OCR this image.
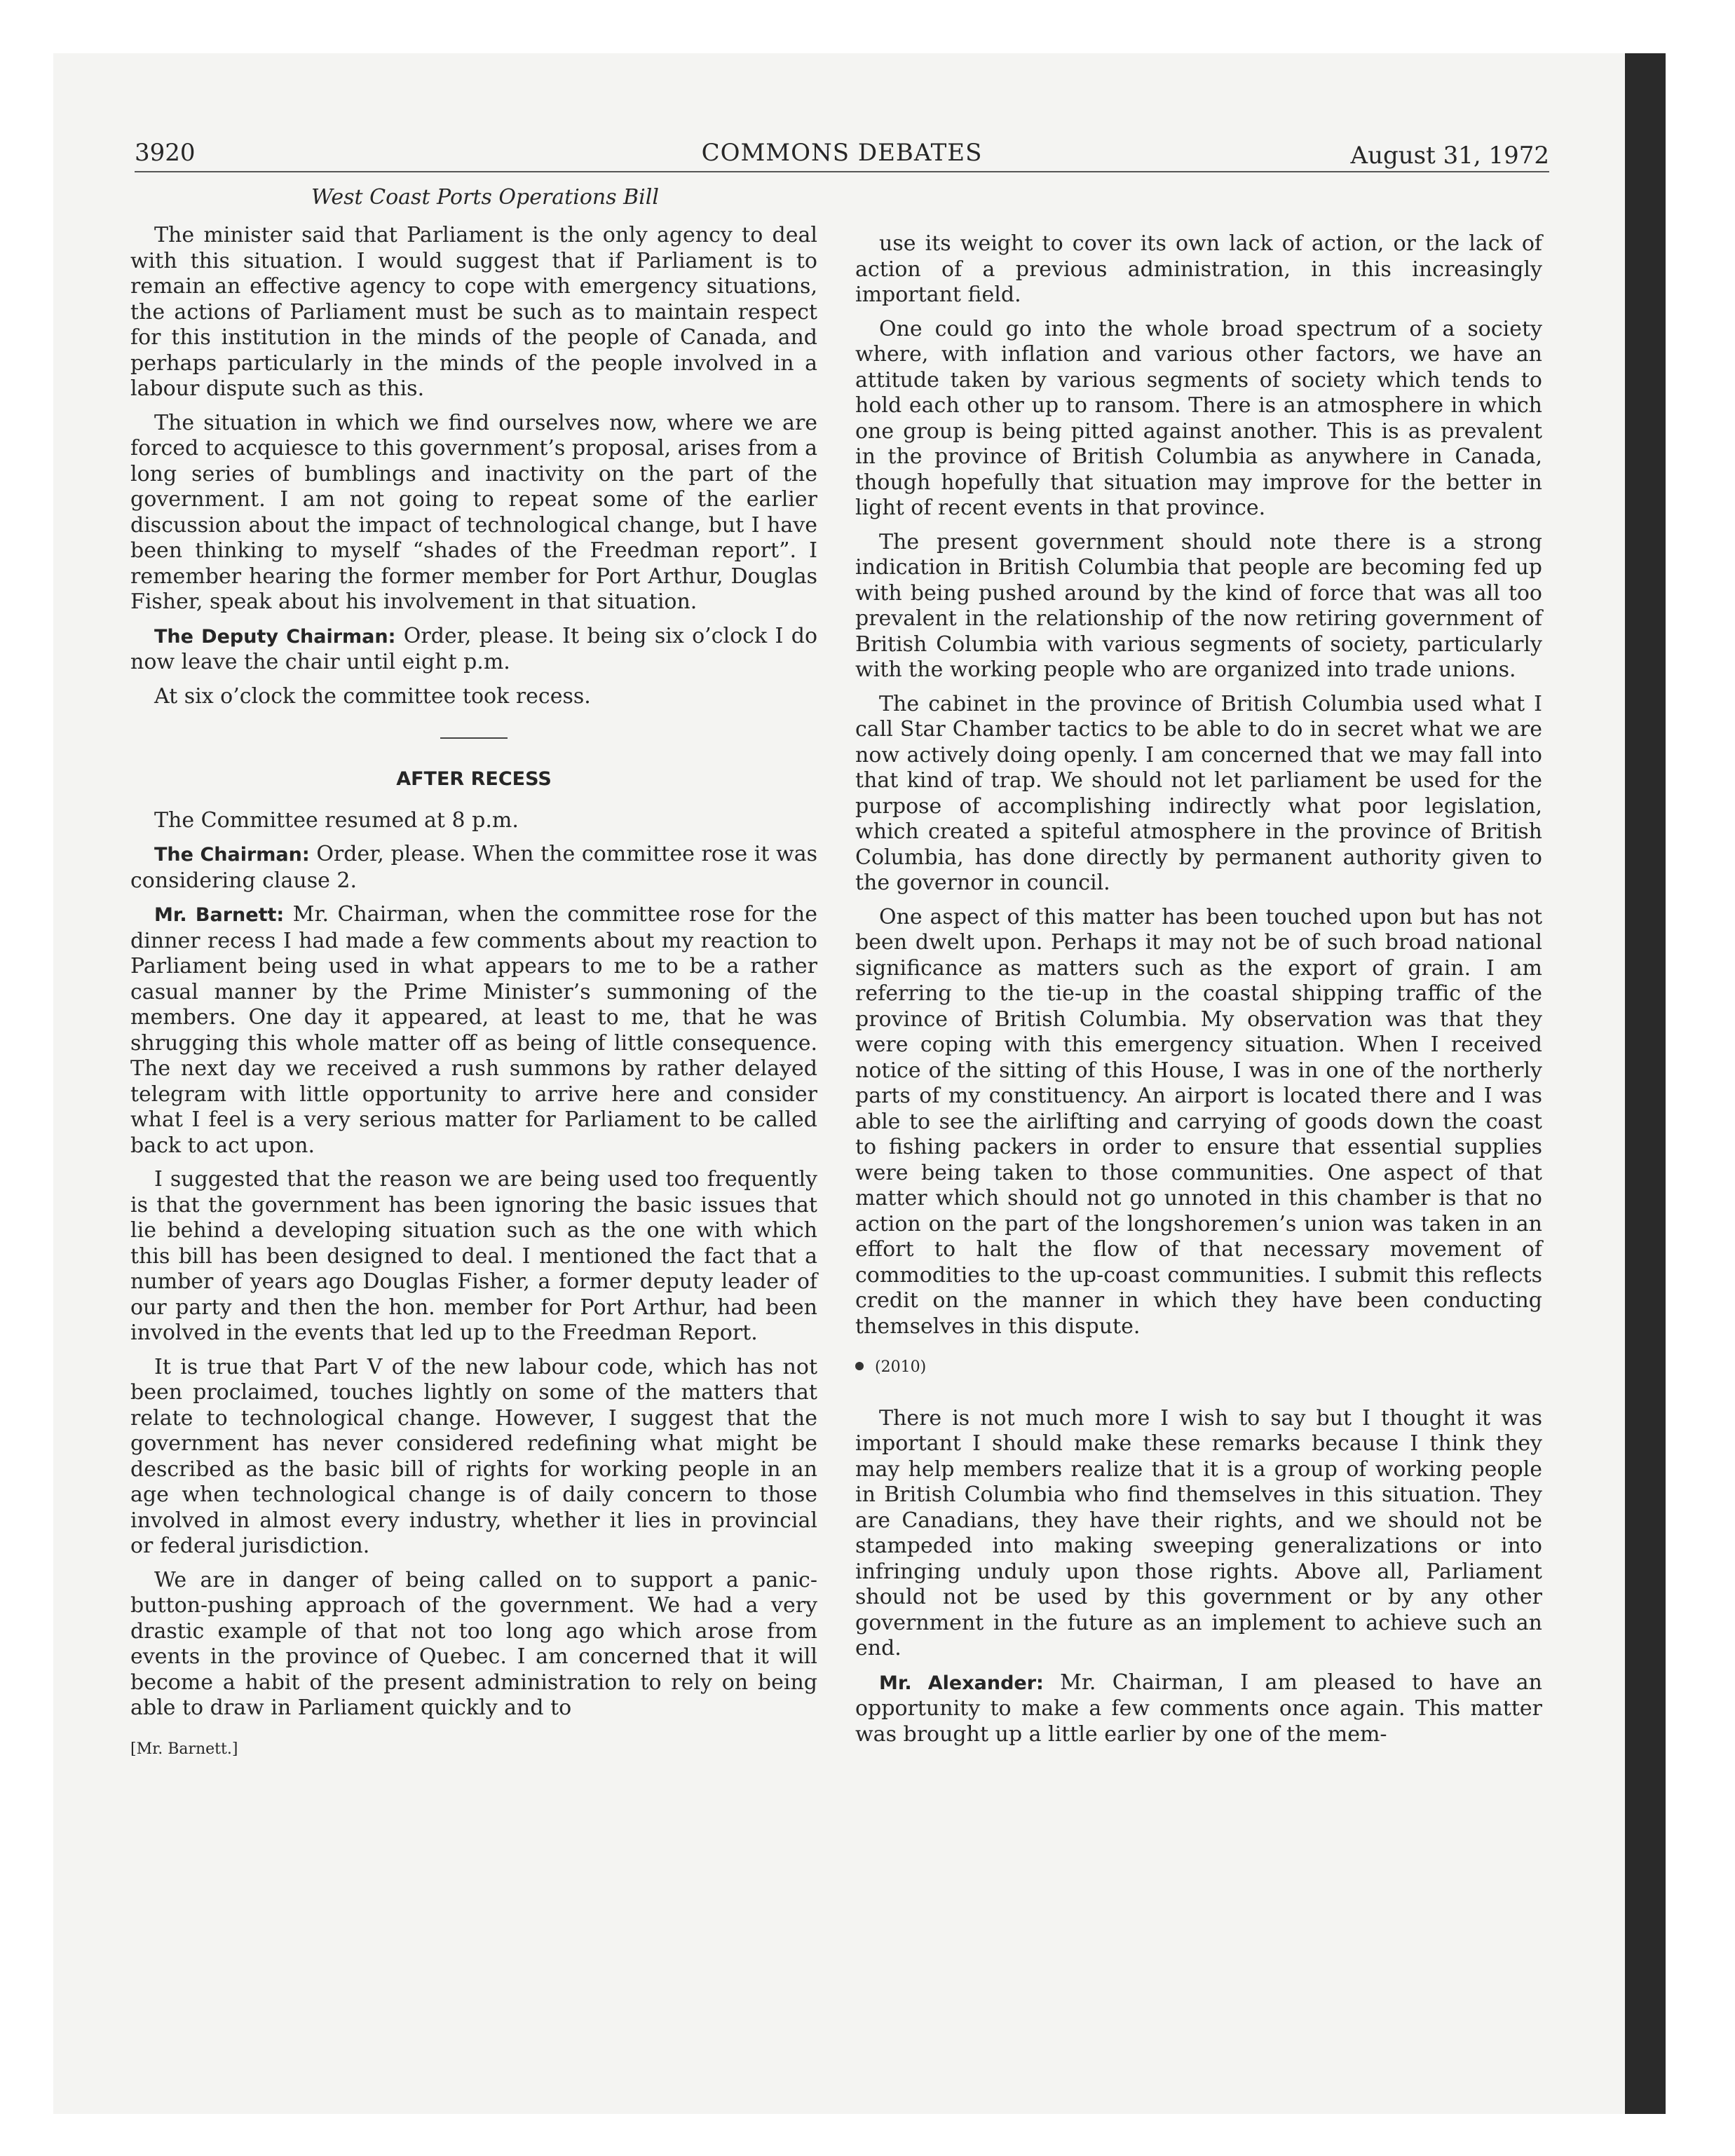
3920	COMMONS DEBATES	August 31, 1972
West Coast Ports Operations Bill

The minister said that Parliament is the only agency to deal with this situation. I would suggest that if Parliament is to remain an effective agency to cope with emergency situations, the actions of Parliament must be such as to maintain respect for this institution in the minds of the people of Canada, and perhaps particularly in the minds of the people involved in a labour dispute such as this.

The situation in which we find ourselves now, where we are forced to acquiesce to this government’s proposal, arises from a long series of bumblings and inactivity on the part of the government. I am not going to repeat some of the earlier discussion about the impact of technological change, but I have been thinking to myself “shades of the Freedman report”. I remember hearing the former member for Port Arthur, Douglas Fisher, speak about his involvement in that situation.

The Deputy Chairman: Order, please. It being six o’clock I do now leave the chair until eight p.m.

At six o’clock the committee took recess.

AFTER RECESS

The Committee resumed at 8 p.m.

The Chairman: Order, please. When the committee rose it was considering clause 2.

Mr. Barnett: Mr. Chairman, when the committee rose for the dinner recess I had made a few comments about my reaction to Parliament being used in what appears to me to be a rather casual manner by the Prime Minister’s summoning of the members. One day it appeared, at least to me, that he was shrugging this whole matter off as being of little consequence. The next day we received a rush summons by rather delayed telegram with little opportunity to arrive here and consider what I feel is a very serious matter for Parliament to be called back to act upon.

I suggested that the reason we are being used too frequently is that the government has been ignoring the basic issues that lie behind a developing situation such as the one with which this bill has been designed to deal. I mentioned the fact that a number of years ago Douglas Fisher, a former deputy leader of our party and then the hon. member for Port Arthur, had been involved in the events that led up to the Freedman Report.

It is true that Part V of the new labour code, which has not been proclaimed, touches lightly on some of the matters that relate to technological change. However, I suggest that the government has never considered redefining what might be described as the basic bill of rights for working people in an age when technological change is of daily concern to those involved in almost every industry, whether it lies in provincial or federal jurisdiction.

We are in danger of being called on to support a panic-button-pushing approach of the government. We had a very drastic example of that not too long ago which arose from events in the province of Quebec. I am concerned that it will become a habit of the present administration to rely on being able to draw in Parliament quickly and to

[Mr. Barnett.]

use its weight to cover its own lack of action, or the lack of action of a previous administration, in this increasingly important field.

One could go into the whole broad spectrum of a society where, with inflation and various other factors, we have an attitude taken by various segments of society which tends to hold each other up to ransom. There is an atmosphere in which one group is being pitted against another. This is as prevalent in the province of British Columbia as anywhere in Canada, though hopefully that situation may improve for the better in light of recent events in that province.

The present government should note there is a strong indication in British Columbia that people are becoming fed up with being pushed around by the kind of force that was all too prevalent in the relationship of the now retiring government of British Columbia with various segments of society, particularly with the working people who are organized into trade unions.

The cabinet in the province of British Columbia used what I call Star Chamber tactics to be able to do in secret what we are now actively doing openly. I am concerned that we may fall into that kind of trap. We should not let parliament be used for the purpose of accomplishing indirectly what poor legislation, which created a spiteful atmosphere in the province of British Columbia, has done directly by permanent authority given to the governor in council.

One aspect of this matter has been touched upon but has not been dwelt upon. Perhaps it may not be of such broad national significance as matters such as the export of grain. I am referring to the tie-up in the coastal shipping traffic of the province of British Columbia. My observation was that they were coping with this emergency situation. When I received notice of the sitting of this House, I was in one of the northerly parts of my constituency. An airport is located there and I was able to see the airlifting and carrying of goods down the coast to fishing packers in order to ensure that essential supplies were being taken to those communities. One aspect of that matter which should not go unnoted in this chamber is that no action on the part of the longshoremen’s union was taken in an effort to halt the flow of that necessary movement of commodities to the up-coast communities. I submit this reflects credit on the manner in which they have been conducting themselves in this dispute.

(2010)

There is not much more I wish to say but I thought it was important I should make these remarks because I think they may help members realize that it is a group of working people in British Columbia who find themselves in this situation. They are Canadians, they have their rights, and we should not be stampeded into making sweeping generalizations or into infringing unduly upon those rights. Above all, Parliament should not be used by this government or by any other government in the future as an implement to achieve such an end.

Mr. Alexander: Mr. Chairman, I am pleased to have an opportunity to make a few comments once again. This matter was brought up a little earlier by one of the mem-
